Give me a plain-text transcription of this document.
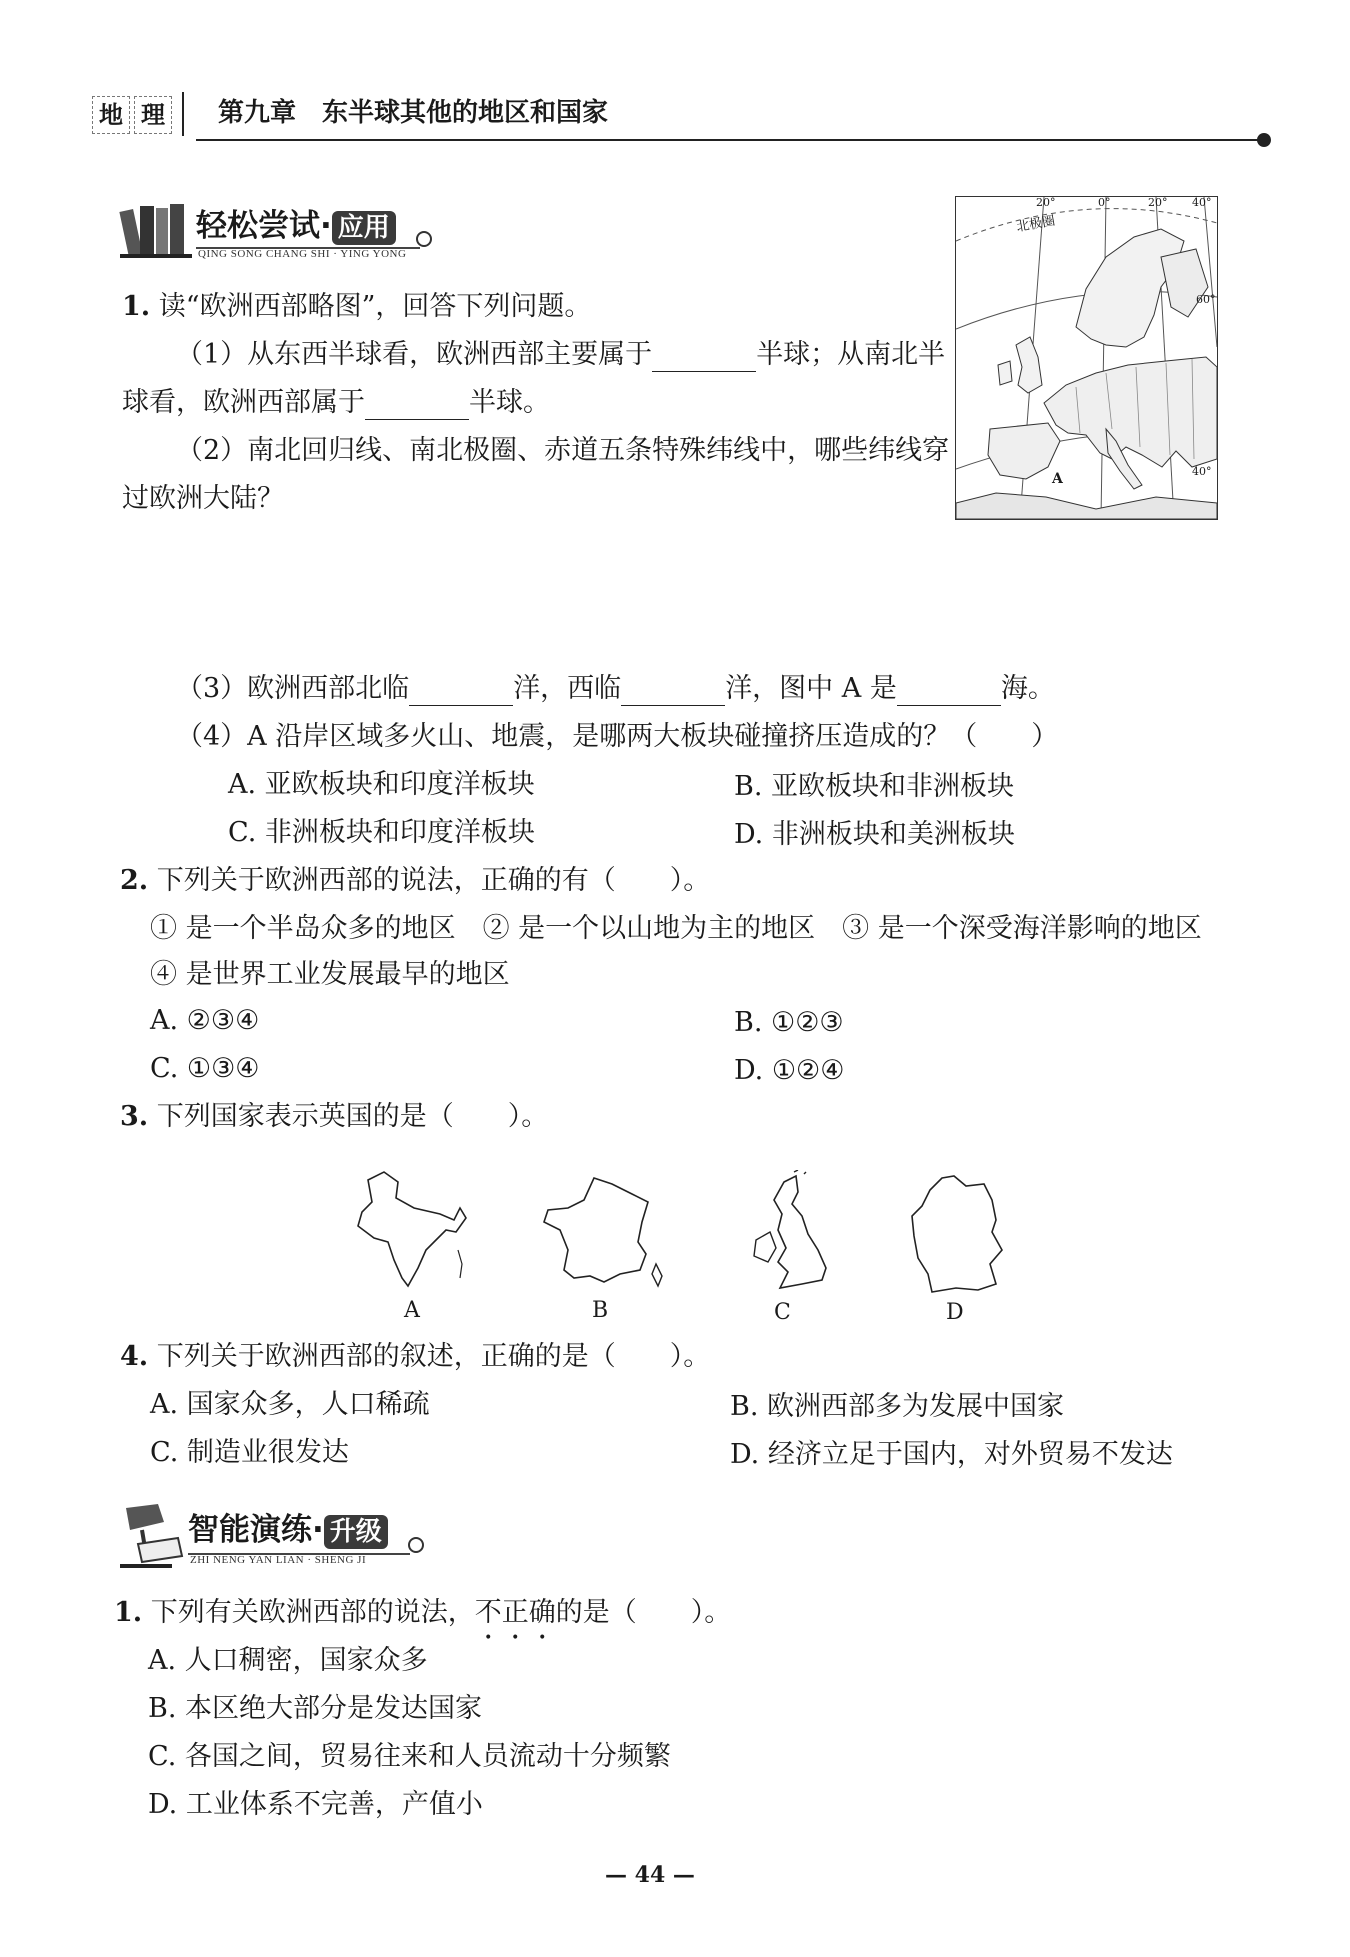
地 理 第九章　东半球其他的地区和国家
轻松尝试· 应用
QING SONG CHANG SHI · YING YONG
20°	0°	20° 40°
北极圈
60°
40°
A
1. 读“欧洲西部略图”，回答下列问题。
（1）从东西半球看，欧洲西部主要属于	半球；从南北半
球看，欧洲西部属于	半球。
（2）南北回归线、南北极圈、赤道五条特殊纬线中，哪些纬线穿
过欧洲大陆？
（3）欧洲西部北临	洋，西临	洋，图中 A 是	海。
（4）A 沿岸区域多火山、地震，是哪两大板块碰撞挤压造成的？（　　）
A. 亚欧板块和印度洋板块	B. 亚欧板块和非洲板块
C. 非洲板块和印度洋板块	D. 非洲板块和美洲板块
2. 下列关于欧洲西部的说法，正确的有（　　）。
① 是一个半岛众多的地区　② 是一个以山地为主的地区　③ 是一个深受海洋影响的地区
④ 是世界工业发展最早的地区
A. ②③④	B. ①②③
C. ①③④	D. ①②④
3. 下列国家表示英国的是（　　）。
A	B	C	D
4. 下列关于欧洲西部的叙述，正确的是（　　）。
A. 国家众多，人口稀疏	B. 欧洲西部多为发展中国家
C. 制造业很发达	D. 经济立足于国内，对外贸易不发达
智能演练· 升级
ZHI NENG YAN LIAN · SHENG JI
1. 下列有关欧洲西部的说法，不正确的是（　　）。
A. 人口稠密，国家众多
B. 本区绝大部分是发达国家
C. 各国之间，贸易往来和人员流动十分频繁
D. 工业体系不完善，产值小
— 44 —
